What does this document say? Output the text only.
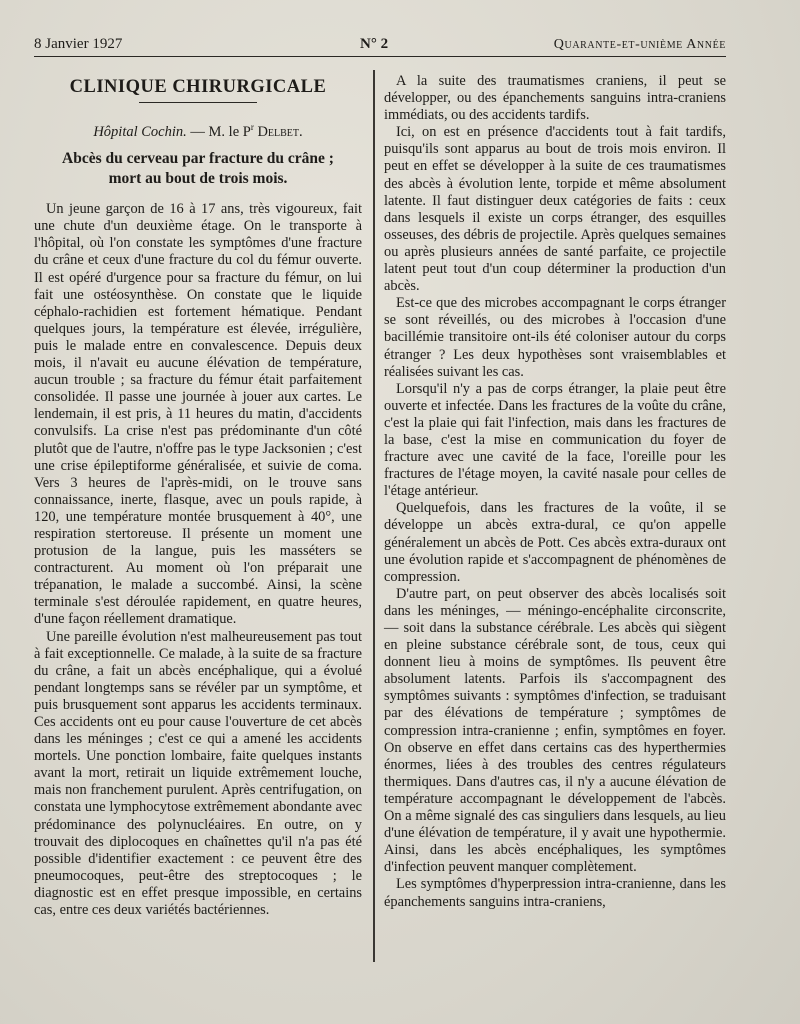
8 Janvier 1927	N° 2	Quarante-et-unième Année
CLINIQUE CHIRURGICALE
Hôpital Cochin. — M. le $P^r$ Delbet.
Abcès du cerveau par fracture du crâne ;
mort au bout de trois mois.

Un jeune garçon de 16 à 17 ans, très vigoureux, fait une chute d'un deuxième étage. On le transporte à l'hôpital, où l'on constate les symptômes d'une fracture du crâne et ceux d'une fracture du col du fémur ouverte. Il est opéré d'urgence pour sa fracture du fémur, on lui fait une ostéosynthèse. On constate que le liquide céphalo-rachidien est fortement hématique. Pendant quelques jours, la température est élevée, irrégulière, puis le malade entre en convalescence. Depuis deux mois, il n'avait eu aucune élévation de température, aucun trouble ; sa fracture du fémur était parfaitement consolidée. Il passe une journée à jouer aux cartes. Le lendemain, il est pris, à 11 heures du matin, d'accidents convulsifs. La crise n'est pas prédominante d'un côté plutôt que de l'autre, n'offre pas le type Jacksonien ; c'est une crise épileptiforme généralisée, et suivie de coma. Vers 3 heures de l'après-midi, on le trouve sans connaissance, inerte, flasque, avec un pouls rapide, à 120, une température montée brusquement à 40°, une respiration stertoreuse. Il présente un moment une protusion de la langue, puis les masséters se contracturent. Au moment où l'on préparait une trépanation, le malade a succombé. Ainsi, la scène terminale s'est déroulée rapidement, en quatre heures, d'une façon réellement dramatique.

Une pareille évolution n'est malheureusement pas tout à fait exceptionnelle. Ce malade, à la suite de sa fracture du crâne, a fait un abcès encéphalique, qui a évolué pendant longtemps sans se révéler par un symptôme, et puis brusquement sont apparus les accidents terminaux. Ces accidents ont eu pour cause l'ouverture de cet abcès dans les méninges ; c'est ce qui a amené les accidents mortels. Une ponction lombaire, faite quelques instants avant la mort, retirait un liquide extrêmement louche, mais non franchement purulent. Après centrifugation, on constata une lymphocytose extrêmement abondante avec prédominance des polynucléaires. En outre, on y trouvait des diplocoques en chaînettes qu'il n'a pas été possible d'identifier exactement : ce peuvent être des pneumocoques, peut-être des streptocoques ; le diagnostic est en effet presque impossible, en certains cas, entre ces deux variétés bactériennes.

A la suite des traumatismes craniens, il peut se développer, ou des épanchements sanguins intra-craniens immédiats, ou des accidents tardifs.

Ici, on est en présence d'accidents tout à fait tardifs, puisqu'ils sont apparus au bout de trois mois environ. Il peut en effet se développer à la suite de ces traumatismes des abcès à évolution lente, torpide et même absolument latente. Il faut distinguer deux catégories de faits : ceux dans lesquels il existe un corps étranger, des esquilles osseuses, des débris de projectile. Après quelques semaines ou après plusieurs années de santé parfaite, ce projectile latent peut tout d'un coup déterminer la production d'un abcès.

Est-ce que des microbes accompagnant le corps étranger se sont réveillés, ou des microbes à l'occasion d'une bacillémie transitoire ont-ils été coloniser autour du corps étranger ? Les deux hypothèses sont vraisemblables et réalisées suivant les cas.

Lorsqu'il n'y a pas de corps étranger, la plaie peut être ouverte et infectée. Dans les fractures de la voûte du crâne, c'est la plaie qui fait l'infection, mais dans les fractures de la base, c'est la mise en communication du foyer de fracture avec une cavité de la face, l'oreille pour les fractures de l'étage moyen, la cavité nasale pour celles de l'étage antérieur.

Quelquefois, dans les fractures de la voûte, il se développe un abcès extra-dural, ce qu'on appelle généralement un abcès de Pott. Ces abcès extra-duraux ont une évolution rapide et s'accompagnent de phénomènes de compression.

D'autre part, on peut observer des abcès localisés soit dans les méninges, — méningo-encéphalite circonscrite, — soit dans la substance cérébrale. Les abcès qui siègent en pleine substance cérébrale sont, de tous, ceux qui donnent lieu à moins de symptômes. Ils peuvent être absolument latents. Parfois ils s'accompagnent des symptômes suivants : symptômes d'infection, se traduisant par des élévations de température ; symptômes de compression intra-cranienne ; enfin, symptômes en foyer. On observe en effet dans certains cas des hyperthermies énormes, liées à des troubles des centres régulateurs thermiques. Dans d'autres cas, il n'y a aucune élévation de température accompagnant le développement de l'abcès. On a même signalé des cas singuliers dans lesquels, au lieu d'une élévation de température, il y avait une hypothermie. Ainsi, dans les abcès encéphaliques, les symptômes d'infection peuvent manquer complètement.

Les symptômes d'hyperpression intra-cranienne, dans les épanchements sanguins intra-craniens,
